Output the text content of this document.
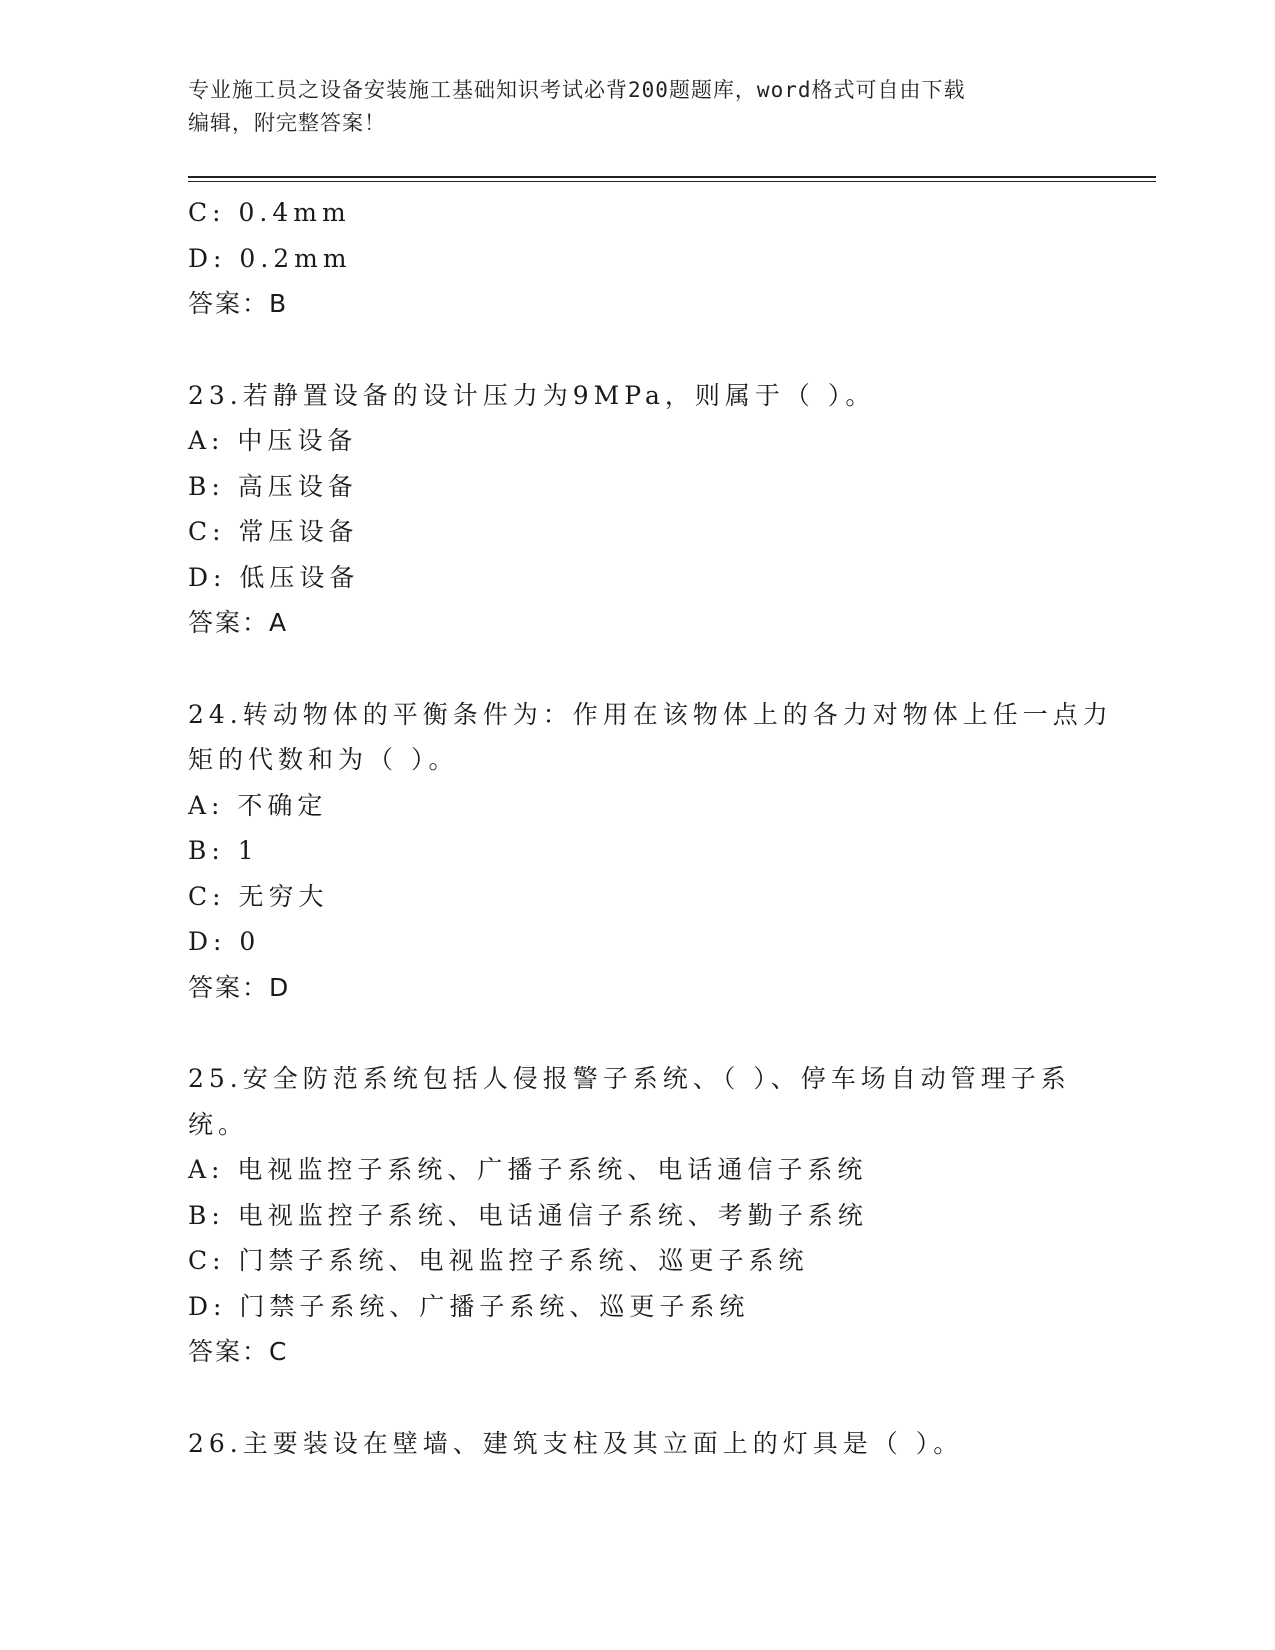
专业施工员之设备安装施工基础知识考试必背200题题库，word格式可自由下载
编辑，附完整答案！
C: 0.4mm
D: 0.2mm
答案：B
23.若静置设备的设计压力为9MPa，则属于（ ）。
A: 中压设备
B: 高压设备
C: 常压设备
D: 低压设备
答案：A
24.转动物体的平衡条件为：作用在该物体上的各力对物体上任一点力
矩的代数和为（ ）。
A: 不确定
B: 1
C: 无穷大
D: 0
答案：D
25.安全防范系统包括人侵报警子系统、（ ）、停车场自动管理子系
统。
A: 电视监控子系统、广播子系统、电话通信子系统
B: 电视监控子系统、电话通信子系统、考勤子系统
C: 门禁子系统、电视监控子系统、巡更子系统
D: 门禁子系统、广播子系统、巡更子系统
答案：C
26.主要装设在壁墙、建筑支柱及其立面上的灯具是（ ）。
